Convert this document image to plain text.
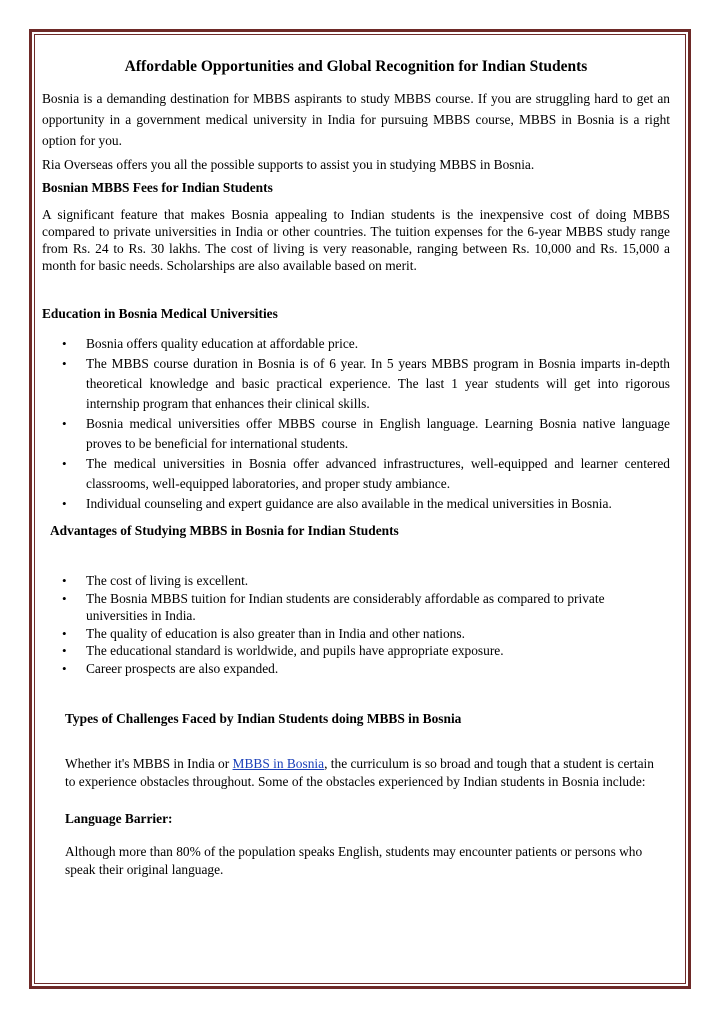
Affordable Opportunities and Global Recognition for Indian Students

Bosnia is a demanding destination for MBBS aspirants to study MBBS course. If you are struggling hard to get an opportunity in a government medical university in India for pursuing MBBS course, MBBS in Bosnia is a right option for you.

Ria Overseas offers you all the possible supports to assist you in studying MBBS in Bosnia.

Bosnian MBBS Fees for Indian Students

A significant feature that makes Bosnia appealing to Indian students is the inexpensive cost of doing MBBS compared to private universities in India or other countries. The tuition expenses for the 6-year MBBS study range from Rs. 24 to Rs. 30 lakhs. The cost of living is very reasonable, ranging between Rs. 10,000 and Rs. 15,000 a month for basic needs. Scholarships are also available based on merit.

Education in Bosnia Medical Universities

• Bosnia offers quality education at affordable price.
• The MBBS course duration in Bosnia is of 6 year. In 5 years MBBS program in Bosnia imparts in-depth theoretical knowledge and basic practical experience. The last 1 year students will get into rigorous internship program that enhances their clinical skills.
• Bosnia medical universities offer MBBS course in English language. Learning Bosnia native language proves to be beneficial for international students.
• The medical universities in Bosnia offer advanced infrastructures, well-equipped and learner centered classrooms, well-equipped laboratories, and proper study ambiance.
• Individual counseling and expert guidance are also available in the medical universities in Bosnia.

Advantages of Studying MBBS in Bosnia for Indian Students

• The cost of living is excellent.
• The Bosnia MBBS tuition for Indian students are considerably affordable as compared to private universities in India.
• The quality of education is also greater than in India and other nations.
• The educational standard is worldwide, and pupils have appropriate exposure.
• Career prospects are also expanded.

Types of Challenges Faced by Indian Students doing MBBS in Bosnia

Whether it's MBBS in India or MBBS in Bosnia, the curriculum is so broad and tough that a student is certain to experience obstacles throughout. Some of the obstacles experienced by Indian students in Bosnia include:

Language Barrier:

Although more than 80% of the population speaks English, students may encounter patients or persons who speak their original language.
